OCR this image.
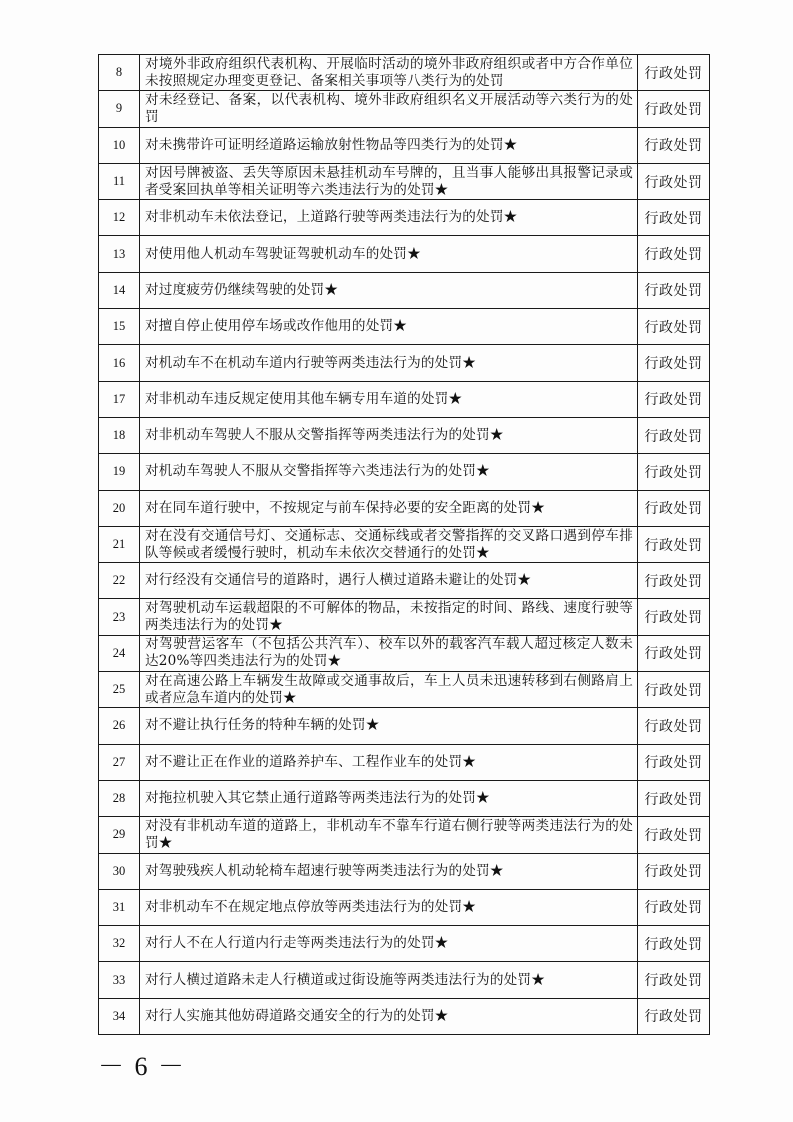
8	对境外非政府组织代表机构、开展临时活动的境外非政府组织或者中方合作单位未按照规定办理变更登记、备案相关事项等八类行为的处罚	行政处罚
9	对未经登记、备案，以代表机构、境外非政府组织名义开展活动等六类行为的处罚	行政处罚
10	对未携带许可证明经道路运输放射性物品等四类行为的处罚★	行政处罚
11	对因号牌被盗、丢失等原因未悬挂机动车号牌的，且当事人能够出具报警记录或者受案回执单等相关证明等六类违法行为的处罚★	行政处罚
12	对非机动车未依法登记，上道路行驶等两类违法行为的处罚★	行政处罚
13	对使用他人机动车驾驶证驾驶机动车的处罚★	行政处罚
14	对过度疲劳仍继续驾驶的处罚★	行政处罚
15	对擅自停止使用停车场或改作他用的处罚★	行政处罚
16	对机动车不在机动车道内行驶等两类违法行为的处罚★	行政处罚
17	对非机动车违反规定使用其他车辆专用车道的处罚★	行政处罚
18	对非机动车驾驶人不服从交警指挥等两类违法行为的处罚★	行政处罚
19	对机动车驾驶人不服从交警指挥等六类违法行为的处罚★	行政处罚
20	对在同车道行驶中，不按规定与前车保持必要的安全距离的处罚★	行政处罚
21	对在没有交通信号灯、交通标志、交通标线或者交警指挥的交叉路口遇到停车排队等候或者缓慢行驶时，机动车未依次交替通行的处罚★	行政处罚
22	对行经没有交通信号的道路时，遇行人横过道路未避让的处罚★	行政处罚
23	对驾驶机动车运载超限的不可解体的物品，未按指定的时间、路线、速度行驶等两类违法行为的处罚★	行政处罚
24	对驾驶营运客车（不包括公共汽车）、校车以外的载客汽车载人超过核定人数未达20%等四类违法行为的处罚★	行政处罚
25	对在高速公路上车辆发生故障或交通事故后，车上人员未迅速转移到右侧路肩上或者应急车道内的处罚★	行政处罚
26	对不避让执行任务的特种车辆的处罚★	行政处罚
27	对不避让正在作业的道路养护车、工程作业车的处罚★	行政处罚
28	对拖拉机驶入其它禁止通行道路等两类违法行为的处罚★	行政处罚
29	对没有非机动车道的道路上，非机动车不靠车行道右侧行驶等两类违法行为的处罚★	行政处罚
30	对驾驶残疾人机动轮椅车超速行驶等两类违法行为的处罚★	行政处罚
31	对非机动车不在规定地点停放等两类违法行为的处罚★	行政处罚
32	对行人不在人行道内行走等两类违法行为的处罚★	行政处罚
33	对行人横过道路未走人行横道或过街设施等两类违法行为的处罚★	行政处罚
34	对行人实施其他妨碍道路交通安全的行为的处罚★	行政处罚
－ 6 －
